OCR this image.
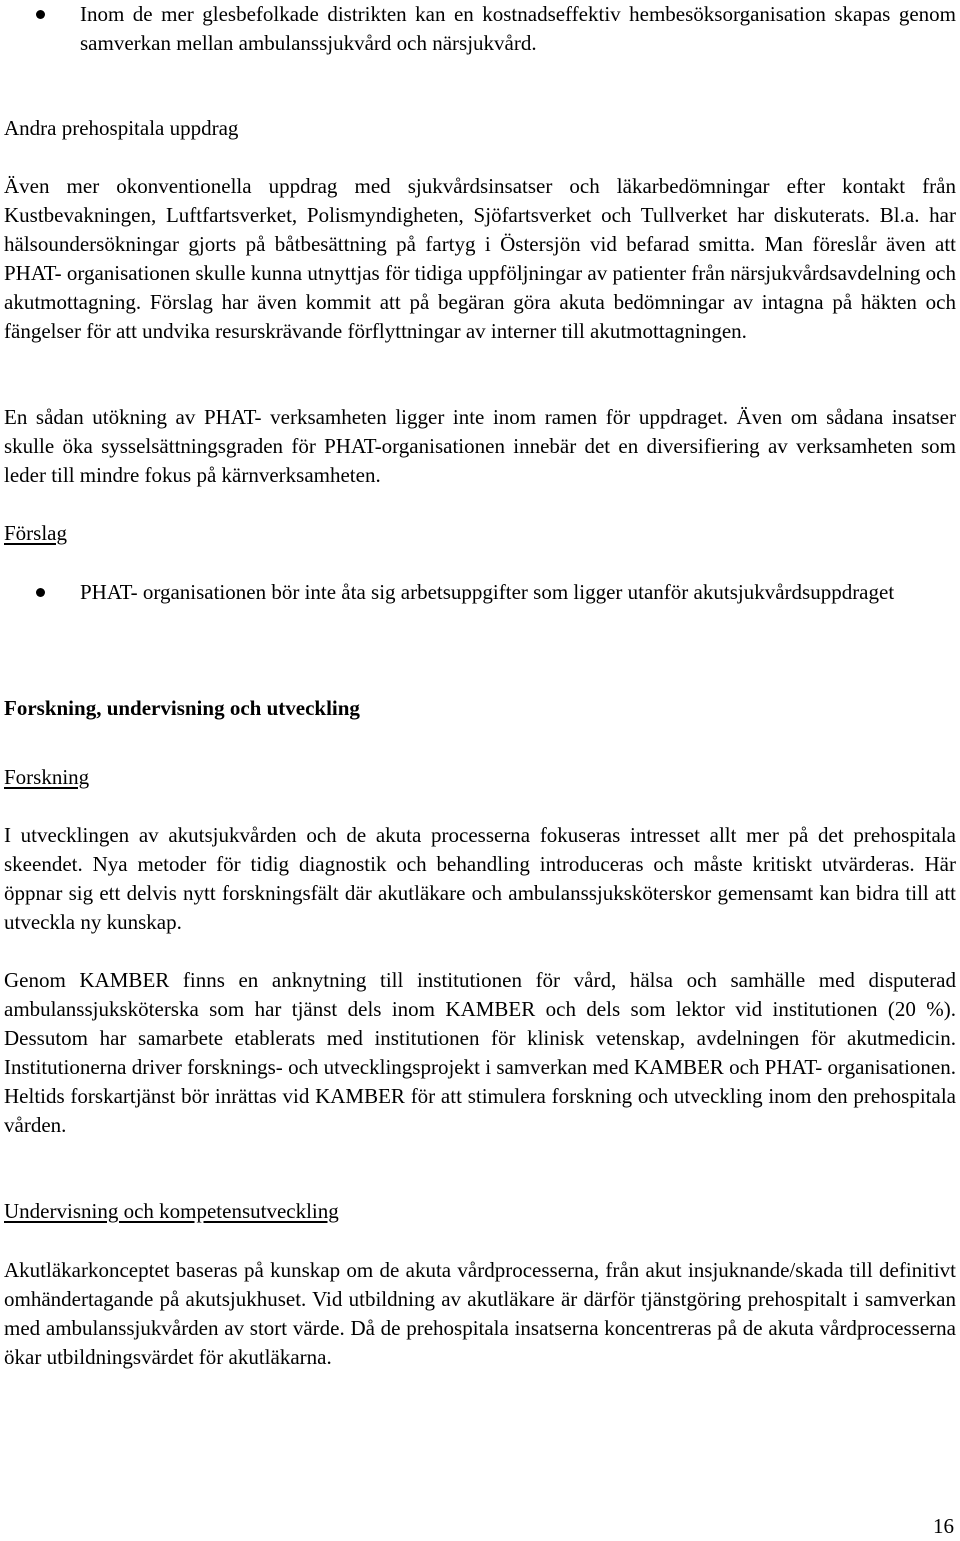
Inom de mer glesbefolkade distrikten kan en kostnadseffektiv hembesöksorganisation skapas genom samverkan mellan ambulanssjukvård och närsjukvård.

Andra prehospitala uppdrag

Även mer okonventionella uppdrag med sjukvårdsinsatser och läkarbedömningar efter kontakt från Kustbevakningen, Luftfartsverket, Polismyndigheten, Sjöfartsverket och Tullverket har diskuterats. Bl.a. har hälsoundersökningar gjorts på båtbesättning på fartyg i Östersjön vid befarad smitta. Man föreslår även att PHAT- organisationen skulle kunna utnyttjas för tidiga uppföljningar av patienter från närsjukvårdsavdelning och akutmottagning. Förslag har även kommit att på begäran göra akuta bedömningar av intagna på häkten och fängelser för att undvika resurskrävande förflyttningar av interner till akutmottagningen.

En sådan utökning av PHAT- verksamheten ligger inte inom ramen för uppdraget. Även om sådana insatser skulle öka sysselsättningsgraden för PHAT-organisationen innebär det en diversifiering av verksamheten som leder till mindre fokus på kärnverksamheten.

Förslag

PHAT- organisationen bör inte åta sig arbetsuppgifter som ligger utanför akutsjukvårdsuppdraget

Forskning, undervisning och utveckling

Forskning

I utvecklingen av akutsjukvården och de akuta processerna fokuseras intresset allt mer på det prehospitala skeendet. Nya metoder för tidig diagnostik och behandling introduceras och måste kritiskt utvärderas. Här öppnar sig ett delvis nytt forskningsfält där akutläkare och ambulanssjuksköterskor gemensamt kan bidra till att utveckla ny kunskap.

Genom KAMBER finns en anknytning till institutionen för vård, hälsa och samhälle med disputerad ambulanssjuksköterska som har tjänst dels inom KAMBER och dels som lektor vid institutionen (20 %). Dessutom har samarbete etablerats med institutionen för klinisk vetenskap, avdelningen för akutmedicin. Institutionerna driver forsknings- och utvecklingsprojekt i samverkan med KAMBER och PHAT- organisationen. Heltids forskartjänst bör inrättas vid KAMBER för att stimulera forskning och utveckling inom den prehospitala vården.

Undervisning och kompetensutveckling

Akutläkarkonceptet baseras på kunskap om de akuta vårdprocesserna, från akut insjuknande/skada till definitivt omhändertagande på akutsjukhuset. Vid utbildning av akutläkare är därför tjänstgöring prehospitalt i samverkan med ambulanssjukvården av stort värde. Då de prehospitala insatserna koncentreras på de akuta vårdprocesserna ökar utbildningsvärdet för akutläkarna.

16
